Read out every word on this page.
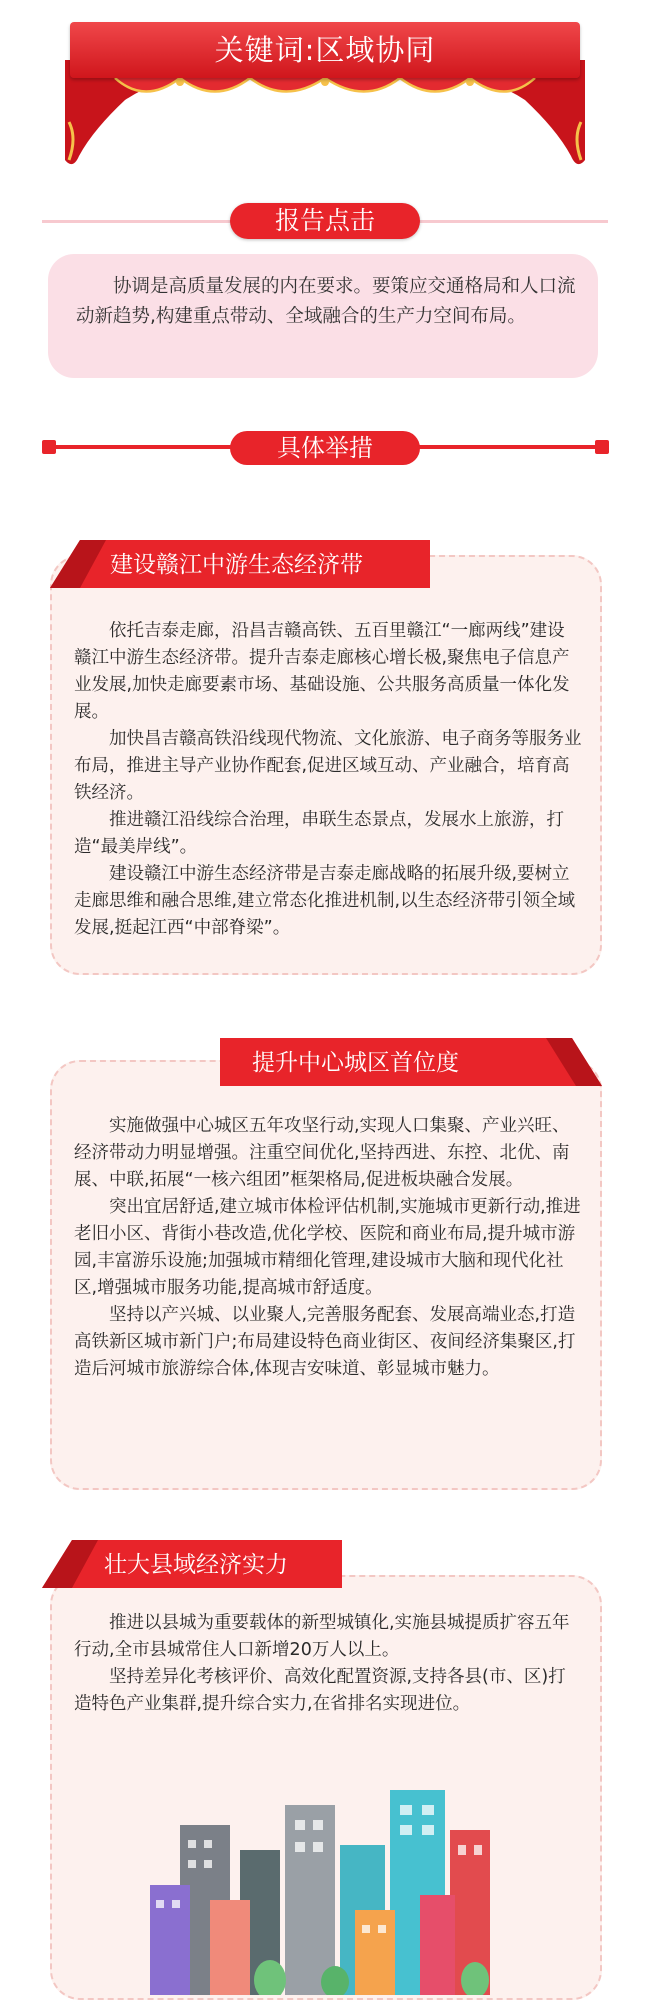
关键词:区域协同
报告点击
协调是高质量发展的内在要求。要策应交通格局和人口流动新趋势,构建重点带动、全域融合的生产力空间布局。
具体举措
建设赣江中游生态经济带

依托吉泰走廊，沿昌吉赣高铁、五百里赣江“一廊两线”建设赣江中游生态经济带。提升吉泰走廊核心增长极,聚焦电子信息产业发展,加快走廊要素市场、基础设施、公共服务高质量一体化发展。

加快昌吉赣高铁沿线现代物流、文化旅游、电子商务等服务业布局，推进主导产业协作配套,促进区域互动、产业融合，培育高铁经济。

推进赣江沿线综合治理，串联生态景点，发展水上旅游，打造“最美岸线”。

建设赣江中游生态经济带是吉泰走廊战略的拓展升级,要树立走廊思维和融合思维,建立常态化推进机制,以生态经济带引领全域发展,挺起江西“中部脊梁”。

提升中心城区首位度

实施做强中心城区五年攻坚行动,实现人口集聚、产业兴旺、经济带动力明显增强。注重空间优化,坚持西进、东控、北优、南展、中联,拓展“一核六组团”框架格局,促进板块融合发展。

突出宜居舒适,建立城市体检评估机制,实施城市更新行动,推进老旧小区、背街小巷改造,优化学校、医院和商业布局,提升城市游园,丰富游乐设施;加强城市精细化管理,建设城市大脑和现代化社区,增强城市服务功能,提高城市舒适度。

坚持以产兴城、以业聚人,完善服务配套、发展高端业态,打造高铁新区城市新门户;布局建设特色商业街区、夜间经济集聚区,打造后河城市旅游综合体,体现吉安味道、彰显城市魅力。

壮大县域经济实力

推进以县城为重要载体的新型城镇化,实施县城提质扩容五年行动,全市县城常住人口新增20万人以上。

坚持差异化考核评价、高效化配置资源,支持各县(市、区)打造特色产业集群,提升综合实力,在省排名实现进位。
